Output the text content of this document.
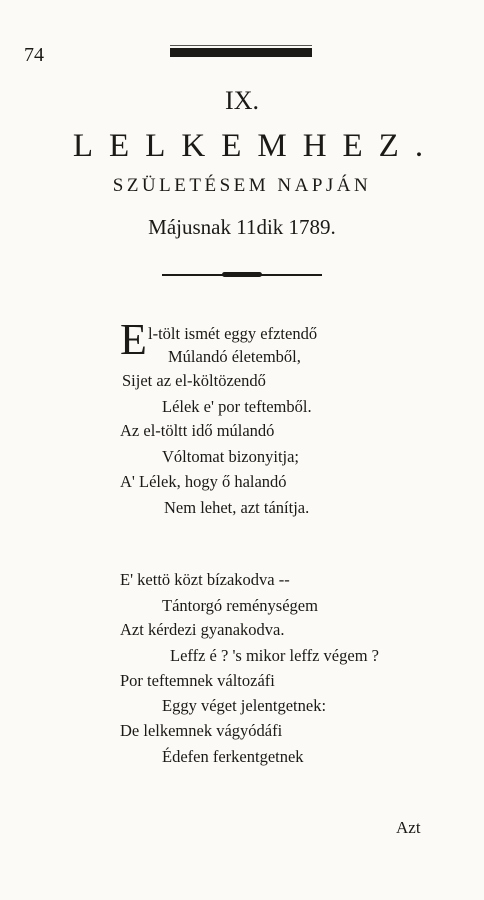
74
IX.
LELKEMHEZ.
SZÜLETÉSEM NAPJÁN
Májusnak 11dik 1789.
E l-tölt ismét eggy efztendő
Múlandó életemből,
Sijet az el-költözendő
Lélek e' por teftemből.
Az el-töltt idő múlandó
Vóltomat bizonyitja;
A' Lélek, hogy ő halandó
Nem lehet, azt tánítja.
E' kettö közt bízakodva --
Tántorgó reménységem
Azt kérdezi gyanakodva.
Leffz é ? 's mikor leffz végem ?
Por teftemnek változáfi
Eggy véget jelentgetnek:
De lelkemnek vágyódáfi
Édefen ferkentgetnek
Azt
